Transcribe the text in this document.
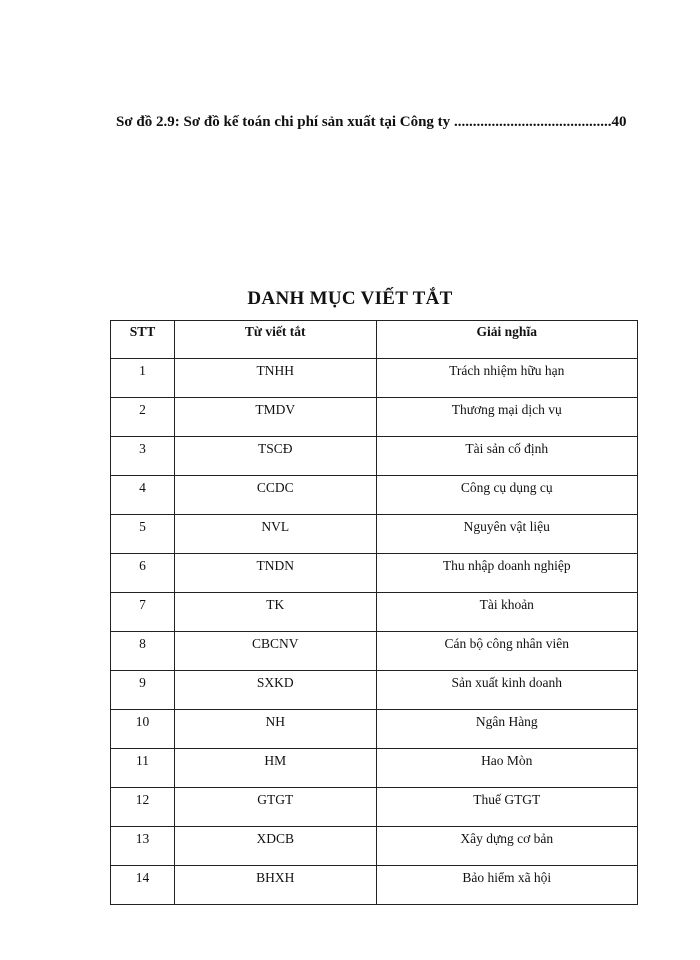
Sơ đồ 2.9: Sơ đồ kế toán chi phí sản xuất tại Công ty ..........................................40
DANH MỤC VIẾT TẮT
STT	Từ viết tắt	Giải nghĩa
1	TNHH	Trách nhiệm hữu hạn
2	TMDV	Thương mại dịch vụ
3	TSCĐ	Tài sản cố định
4	CCDC	Công cụ dụng cụ
5	NVL	Nguyên vật liệu
6	TNDN	Thu nhập doanh nghiệp
7	TK	Tài khoản
8	CBCNV	Cán bộ công nhân viên
9	SXKD	Sản xuất kinh doanh
10	NH	Ngân Hàng
11	HM	Hao Mòn
12	GTGT	Thuế GTGT
13	XDCB	Xây dựng cơ bản
14	BHXH	Bảo hiểm xã hội
